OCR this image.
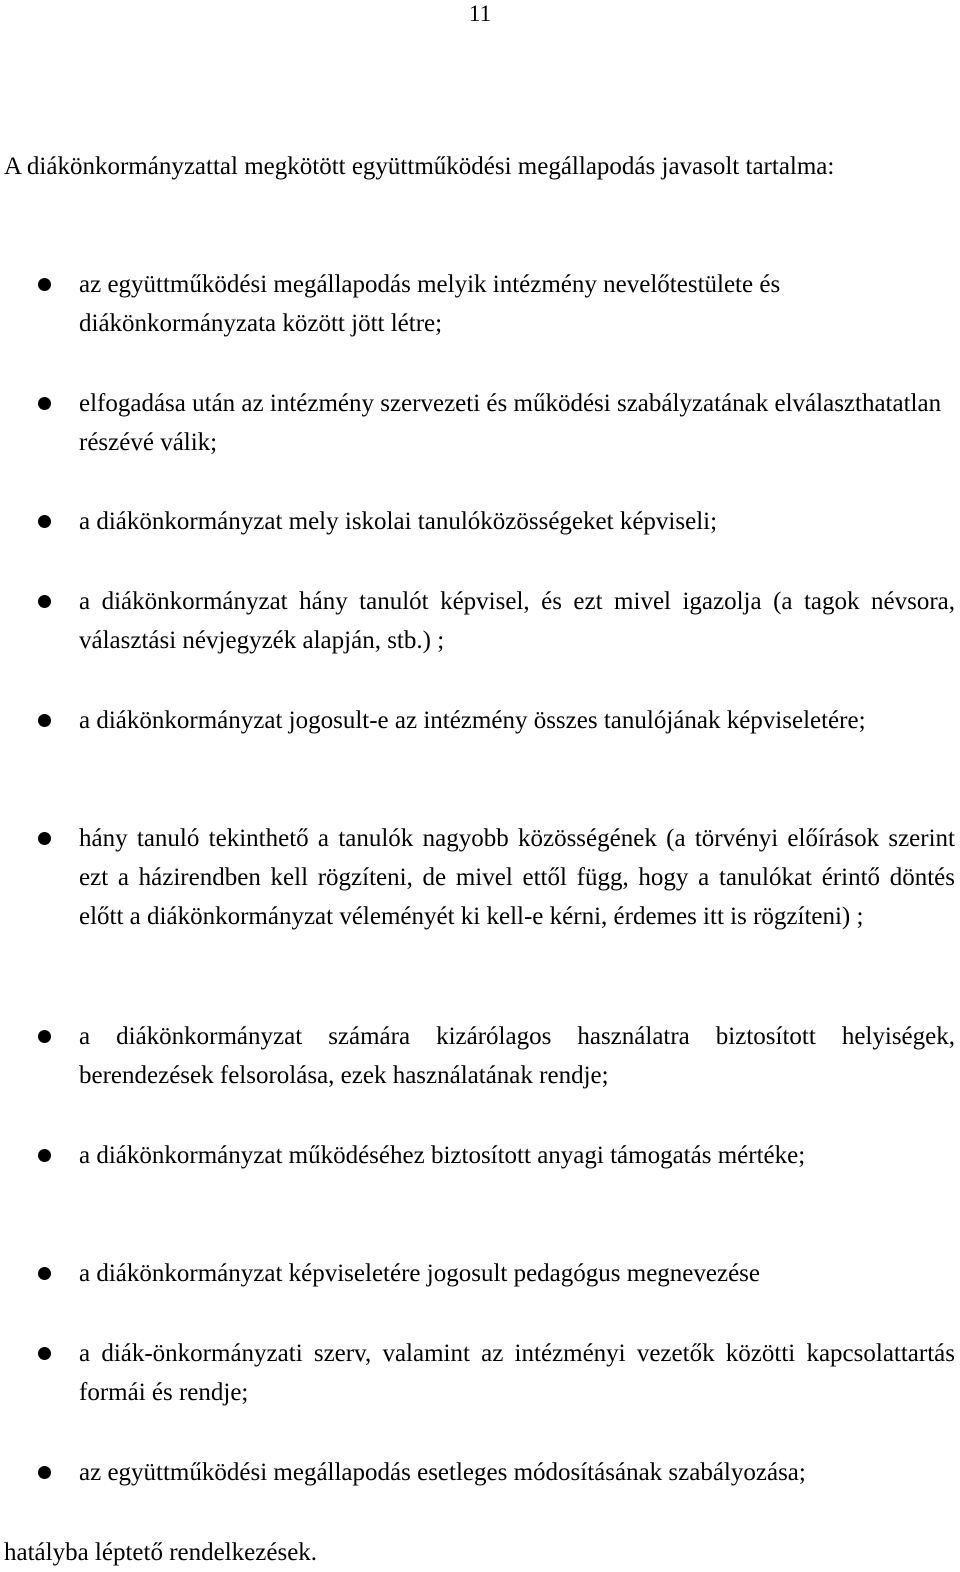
11
A diákönkormányzattal megkötött együttműködési megállapodás javasolt tartalma:
az együttműködési megállapodás melyik intézmény nevelőtestülete és diákönkormányzata között jött létre;
elfogadása után az intézmény szervezeti és működési szabályzatának elválaszthatatlan részévé válik;
a diákönkormányzat mely iskolai tanulóközösségeket képviseli;
a diákönkormányzat hány tanulót képvisel, és ezt mivel igazolja (a tagok névsora, választási névjegyzék alapján, stb.) ;
a diákönkormányzat jogosult-e az intézmény összes tanulójának képviseletére;
hány tanuló tekinthető a tanulók nagyobb közösségének (a törvényi előírások szerint ezt a házirendben kell rögzíteni, de mivel ettől függ, hogy a tanulókat érintő döntés előtt a diákönkormányzat véleményét ki kell-e kérni, érdemes itt is rögzíteni) ;
a diákönkormányzat számára kizárólagos használatra biztosított helyiségek, berendezések felsorolása, ezek használatának rendje;
a diákönkormányzat működéséhez biztosított anyagi támogatás mértéke;
a diákönkormányzat képviseletére jogosult pedagógus megnevezése
a diák-önkormányzati szerv, valamint az intézményi vezetők közötti kapcsolattartás formái és rendje;
az együttműködési megállapodás esetleges módosításának szabályozása;
hatályba léptető rendelkezések.
